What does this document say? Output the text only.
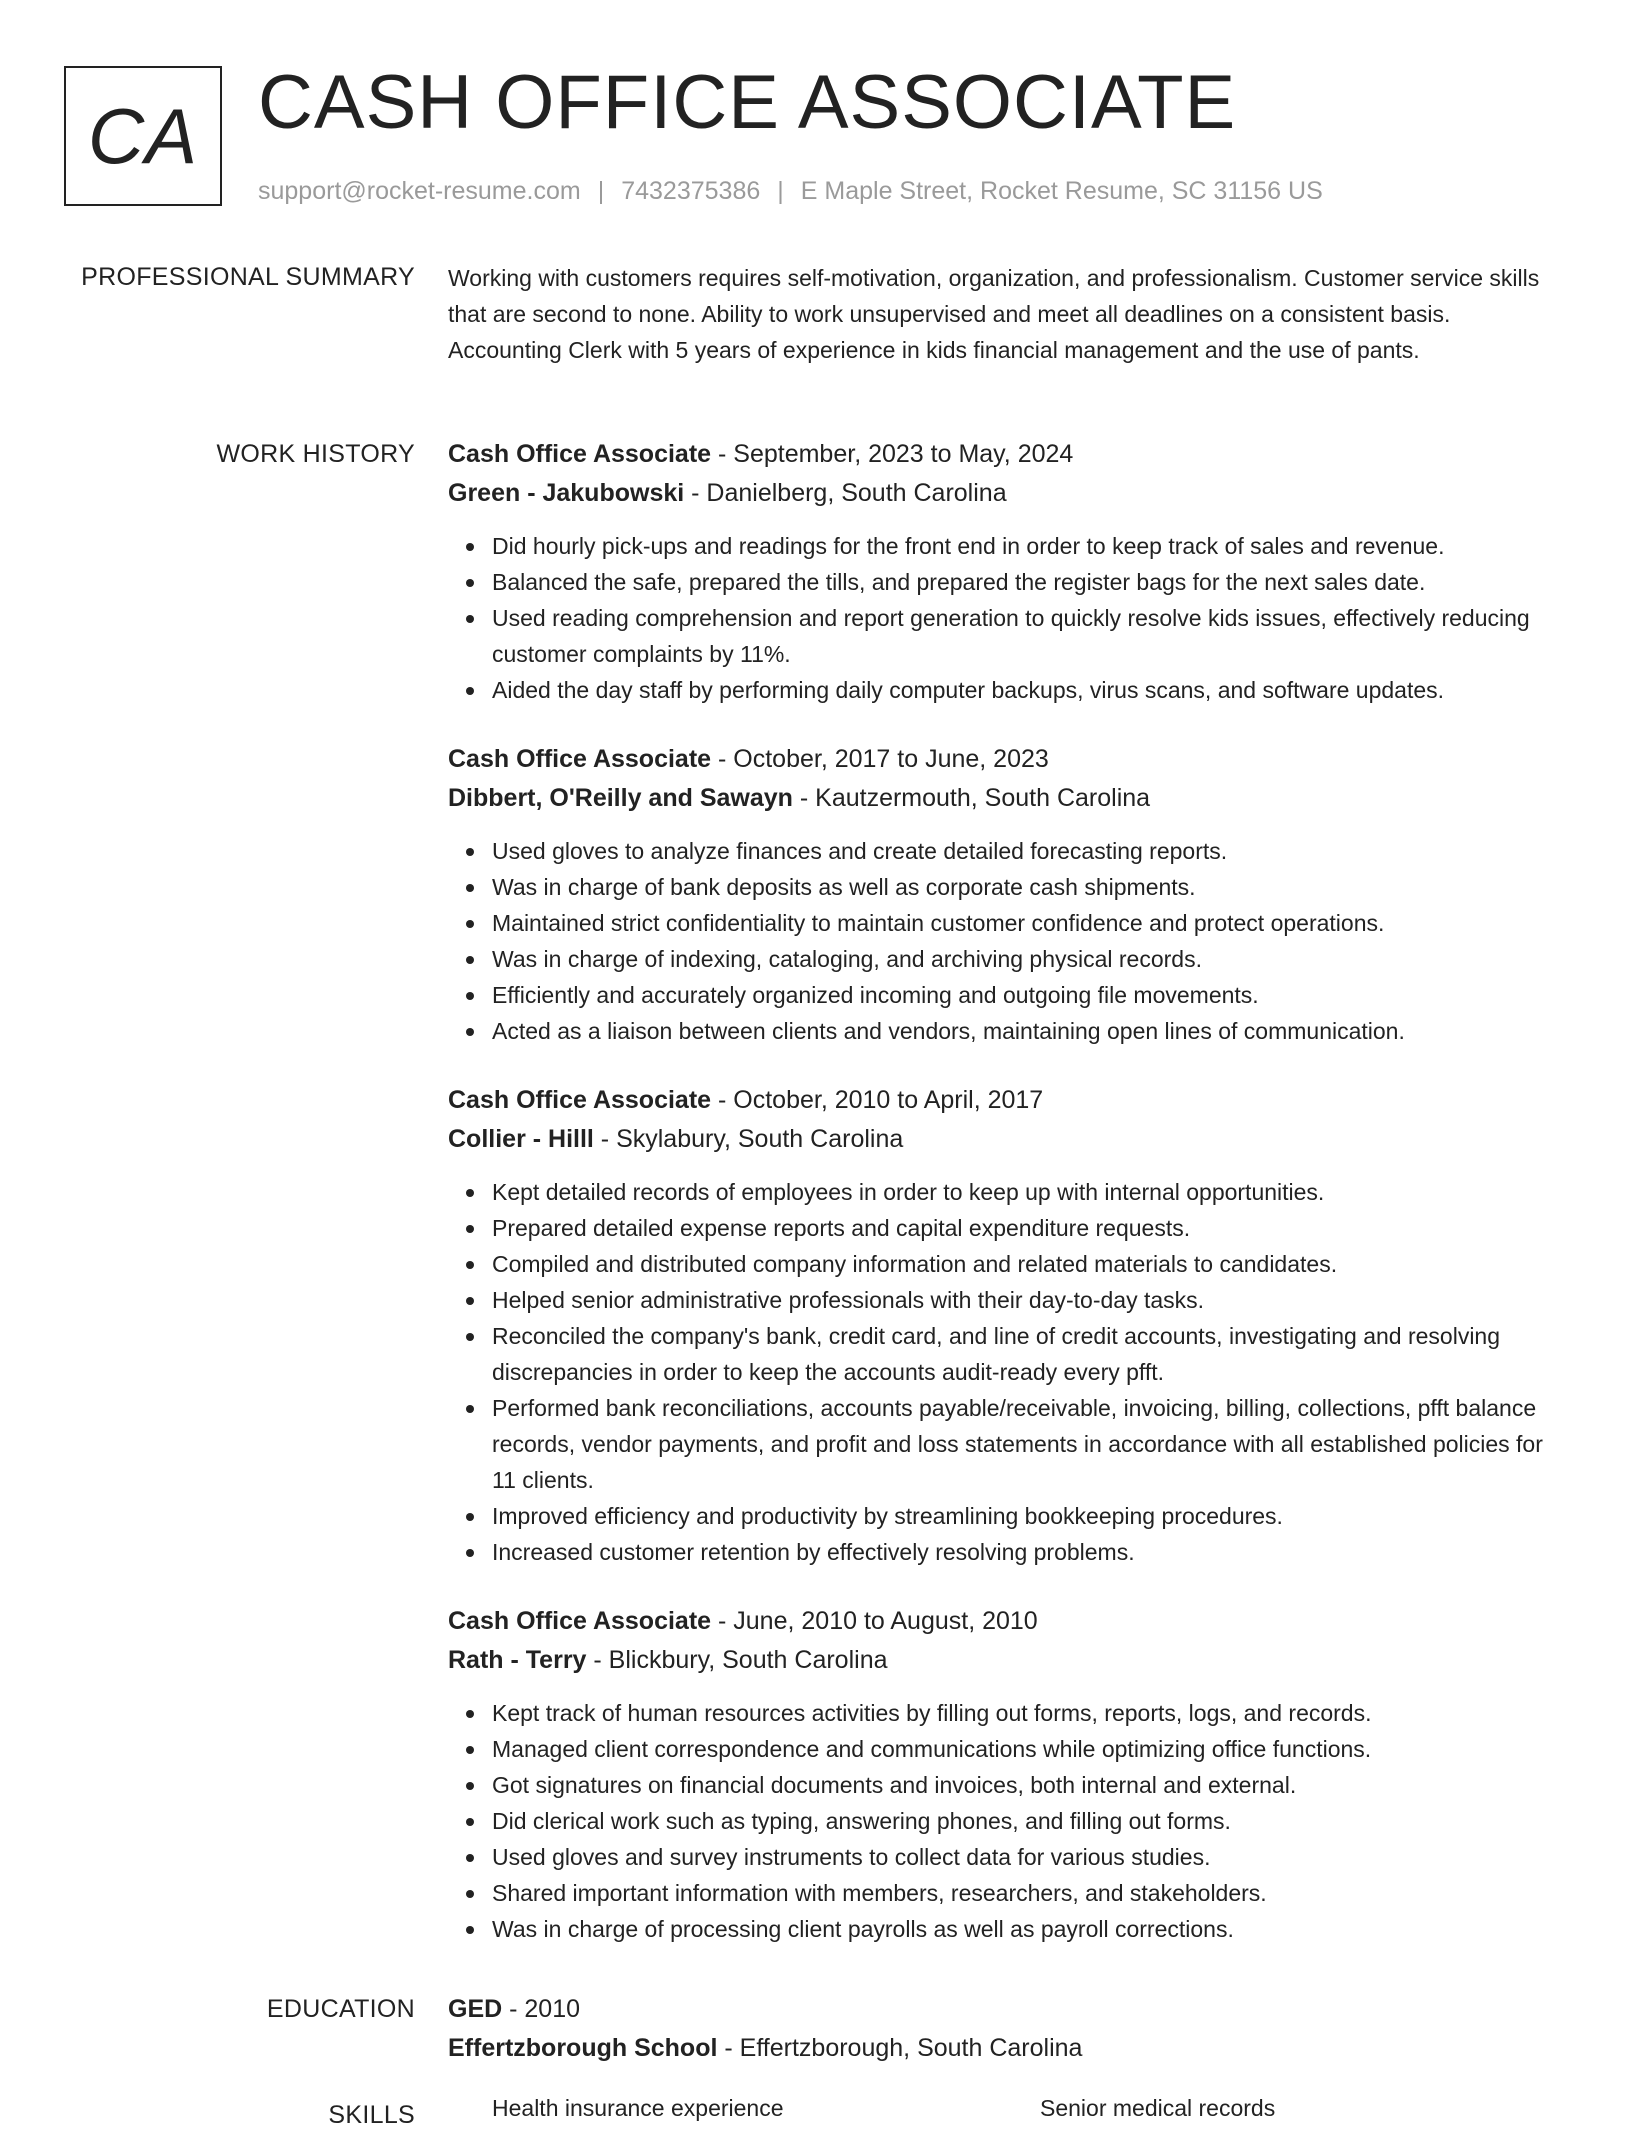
CA CASH OFFICE ASSOCIATE
support@rocket-resume.com | 7432375386 | E Maple Street, Rocket Resume, SC 31156 US
PROFESSIONAL SUMMARY Working with customers requires self-motivation, organization, and professionalism. Customer service skills that are second to none. Ability to work unsupervised and meet all deadlines on a consistent basis. Accounting Clerk with 5 years of experience in kids financial management and the use of pants.

WORK HISTORY Cash Office Associate - September, 2023 to May, 2024

Green - Jakubowski - Danielberg, South Carolina

Did hourly pick-ups and readings for the front end in order to keep track of sales and revenue.
Balanced the safe, prepared the tills, and prepared the register bags for the next sales date.
Used reading comprehension and report generation to quickly resolve kids issues, effectively reducing customer complaints by 11%.
Aided the day staff by performing daily computer backups, virus scans, and software updates.

Cash Office Associate - October, 2017 to June, 2023

Dibbert, O'Reilly and Sawayn - Kautzermouth, South Carolina

Used gloves to analyze finances and create detailed forecasting reports.
Was in charge of bank deposits as well as corporate cash shipments.
Maintained strict confidentiality to maintain customer confidence and protect operations.
Was in charge of indexing, cataloging, and archiving physical records.
Efficiently and accurately organized incoming and outgoing file movements.
Acted as a liaison between clients and vendors, maintaining open lines of communication.

Cash Office Associate - October, 2010 to April, 2017

Collier - Hilll - Skylabury, South Carolina

Kept detailed records of employees in order to keep up with internal opportunities.
Prepared detailed expense reports and capital expenditure requests.
Compiled and distributed company information and related materials to candidates.
Helped senior administrative professionals with their day-to-day tasks.
Reconciled the company's bank, credit card, and line of credit accounts, investigating and resolving discrepancies in order to keep the accounts audit-ready every pfft.
Performed bank reconciliations, accounts payable/receivable, invoicing, billing, collections, pfft balance records, vendor payments, and profit and loss statements in accordance with all established policies for 11 clients.
Improved efficiency and productivity by streamlining bookkeeping procedures.
Increased customer retention by effectively resolving problems.

Cash Office Associate - June, 2010 to August, 2010

Rath - Terry - Blickbury, South Carolina

Kept track of human resources activities by filling out forms, reports, logs, and records.
Managed client correspondence and communications while optimizing office functions.
Got signatures on financial documents and invoices, both internal and external.
Did clerical work such as typing, answering phones, and filling out forms.
Used gloves and survey instruments to collect data for various studies.
Shared important information with members, researchers, and stakeholders.
Was in charge of processing client payrolls as well as payroll corrections.
EDUCATION GED - 2010

Effertzborough School - Effertzborough, South Carolina

SKILLS	Health insurance experience	Senior medical records
